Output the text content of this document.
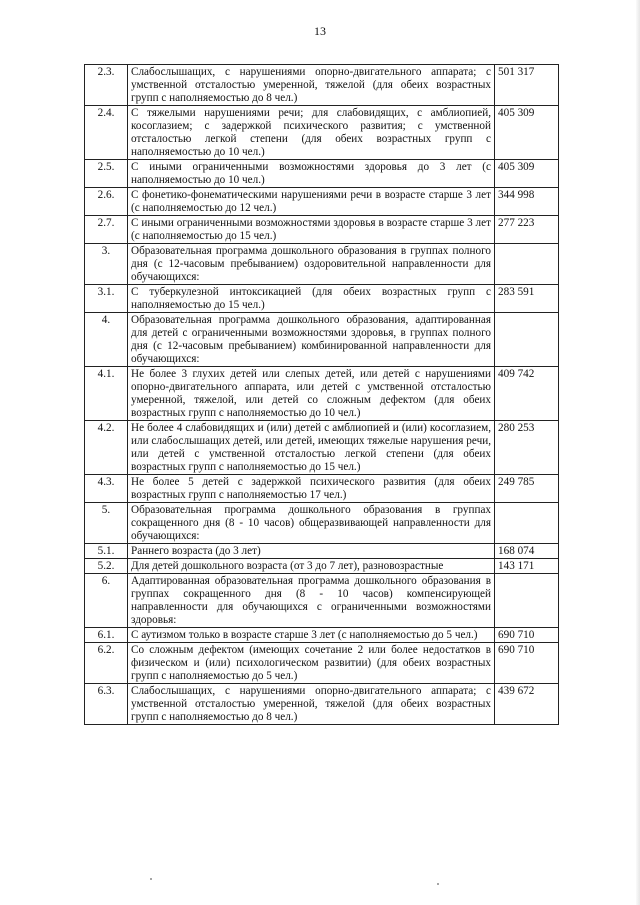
13
2.3.	Слабослышащих, с нарушениями опорно-двигательного аппарата; с умственной отсталостью умеренной, тяжелой (для обеих возрастных групп с наполняемостью до 8 чел.)	501 317
2.4.	С тяжелыми нарушениями речи; для слабовидящих, с амблиопией, косоглазием; с задержкой психического развития; с умственной отсталостью легкой степени (для обеих возрастных групп с наполняемостью до 10 чел.)	405 309
2.5.	С иными ограниченными возможностями здоровья до 3 лет (с наполняемостью до 10 чел.)	405 309
2.6.	С фонетико-фонематическими нарушениями речи в возрасте старше 3 лет (с наполняемостью до 12 чел.)	344 998
2.7.	С иными ограниченными возможностями здоровья в возрасте старше 3 лет (с наполняемостью до 15 чел.)	277 223
3.	Образовательная программа дошкольного образования в группах полного дня (с 12-часовым пребыванием) оздоровительной направленности для обучающихся:	
3.1.	С туберкулезной интоксикацией (для обеих возрастных групп с наполняемостью до 15 чел.)	283 591
4.	Образовательная программа дошкольного образования, адаптированная для детей с ограниченными возможностями здоровья, в группах полного дня (с 12-часовым пребыванием) комбинированной направленности для обучающихся:	
4.1.	Не более 3 глухих детей или слепых детей, или детей с нарушениями опорно-двигательного аппарата, или детей с умственной отсталостью умеренной, тяжелой, или детей со сложным дефектом (для обеих возрастных групп с наполняемостью до 10 чел.)	409 742
4.2.	Не более 4 слабовидящих и (или) детей с амблиопией и (или) косоглазием, или слабослышащих детей, или детей, имеющих тяжелые нарушения речи, или детей с умственной отсталостью легкой степени (для обеих возрастных групп с наполняемостью до 15 чел.)	280 253
4.3.	Не более 5 детей с задержкой психического развития (для обеих возрастных групп с наполняемостью 17 чел.)	249 785
5.	Образовательная программа дошкольного образования в группах сокращенного дня (8 - 10 часов) общеразвивающей направленности для обучающихся:	
5.1.	Раннего возраста (до 3 лет)	168 074
5.2.	Для детей дошкольного возраста (от 3 до 7 лет), разновозрастные	143 171
6.	Адаптированная образовательная программа дошкольного образования в группах сокращенного дня (8 - 10 часов) компенсирующей направленности для обучающихся с ограниченными возможностями здоровья:	
6.1.	С аутизмом только в возрасте старше 3 лет (с наполняемостью до 5 чел.)	690 710
6.2.	Со сложным дефектом (имеющих сочетание 2 или более недостатков в физическом и (или) психологическом развитии) (для обеих возрастных групп с наполняемостью до 5 чел.)	690 710
6.3.	Слабослышащих, с нарушениями опорно-двигательного аппарата; с умственной отсталостью умеренной, тяжелой (для обеих возрастных групп с наполняемостью до 8 чел.)	439 672
